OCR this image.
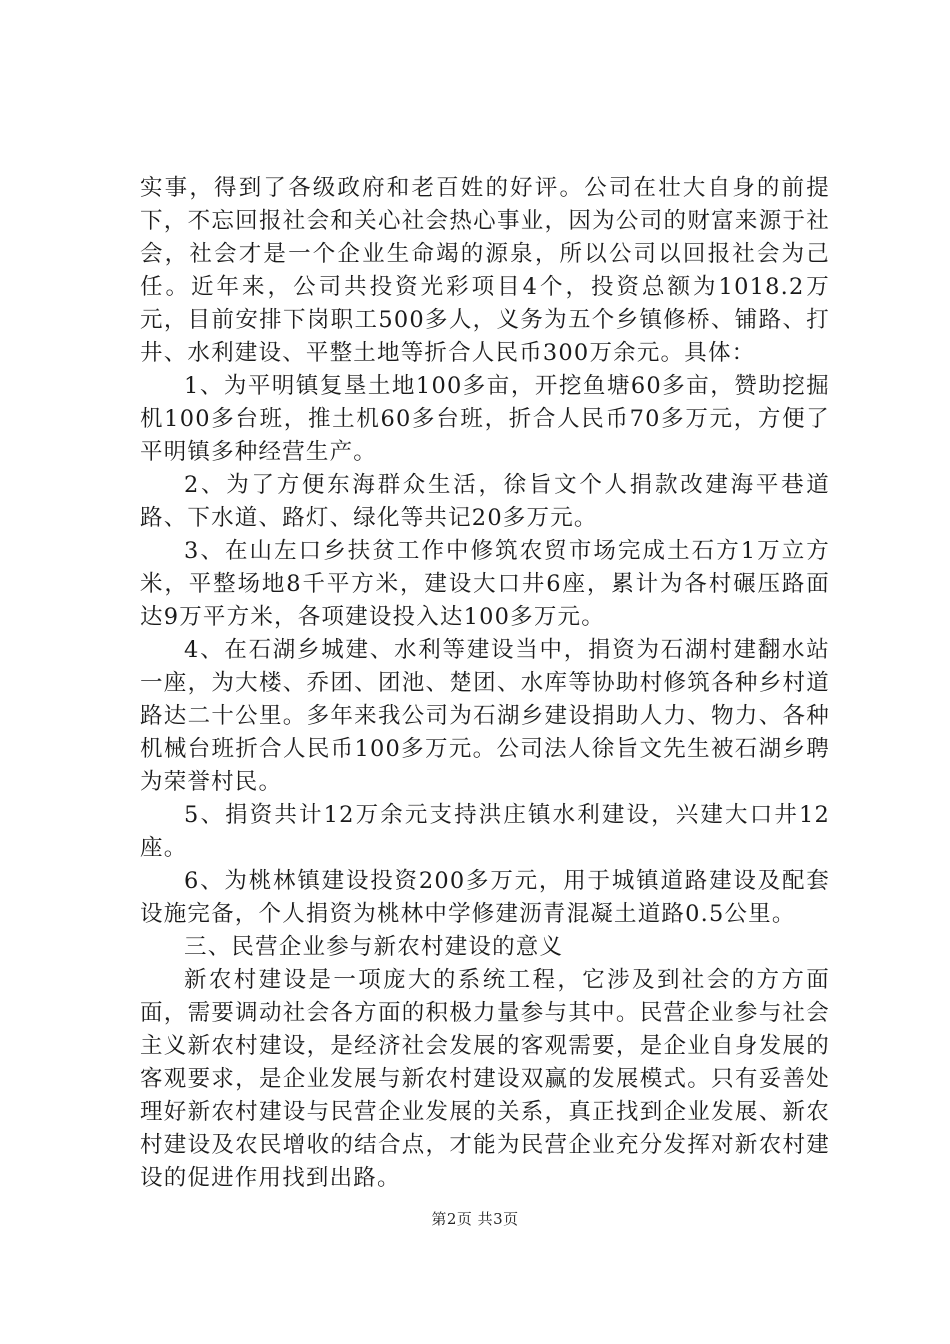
实事，得到了各级政府和老百姓的好评。公司在壮大自身的前提下，不忘回报社会和关心社会热心事业，因为公司的财富来源于社会，社会才是一个企业生命竭的源泉，所以公司以回报社会为己任。近年来，公司共投资光彩项目4个，投资总额为1018.2万元，目前安排下岗职工500多人，义务为五个乡镇修桥、铺路、打井、水利建设、平整土地等折合人民币300万余元。具体：

1、为平明镇复垦土地100多亩，开挖鱼塘60多亩，赞助挖掘机100多台班，推土机60多台班，折合人民币70多万元，方便了平明镇多种经营生产。

2、为了方便东海群众生活，徐旨文个人捐款改建海平巷道路、下水道、路灯、绿化等共记20多万元。

3、在山左口乡扶贫工作中修筑农贸市场完成土石方1万立方米，平整场地8千平方米，建设大口井6座，累计为各村碾压路面达9万平方米，各项建设投入达100多万元。

4、在石湖乡城建、水利等建设当中，捐资为石湖村建翻水站一座，为大楼、乔团、团池、楚团、水库等协助村修筑各种乡村道路达二十公里。多年来我公司为石湖乡建设捐助人力、物力、各种机械台班折合人民币100多万元。公司法人徐旨文先生被石湖乡聘为荣誉村民。

5、捐资共计12万余元支持洪庄镇水利建设，兴建大口井12座。

6、为桃林镇建设投资200多万元，用于城镇道路建设及配套设施完备，个人捐资为桃林中学修建沥青混凝土道路0.5公里。

三、民营企业参与新农村建设的意义

新农村建设是一项庞大的系统工程，它涉及到社会的方方面面，需要调动社会各方面的积极力量参与其中。民营企业参与社会主义新农村建设，是经济社会发展的客观需要，是企业自身发展的客观要求，是企业发展与新农村建设双赢的发展模式。只有妥善处理好新农村建设与民营企业发展的关系，真正找到企业发展、新农村建设及农民增收的结合点，才能为民营企业充分发挥对新农村建设的促进作用找到出路。

第2页 共3页
